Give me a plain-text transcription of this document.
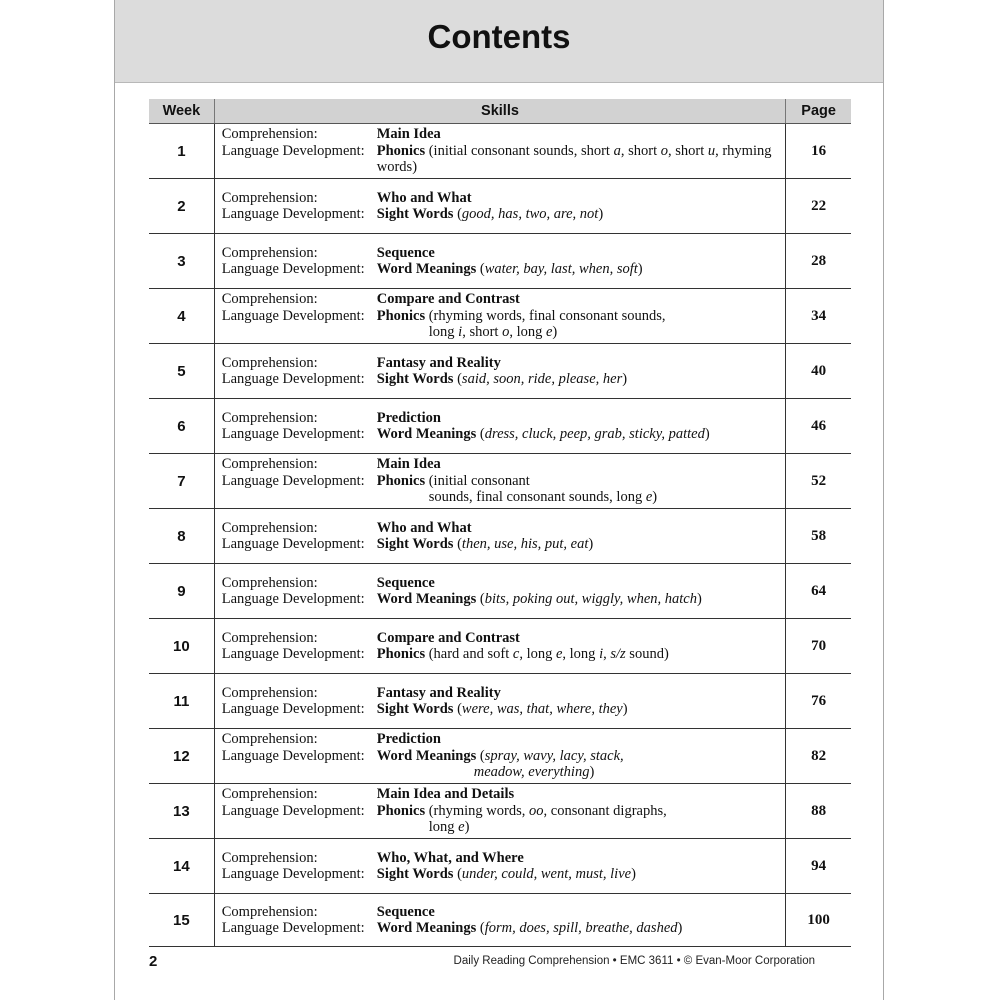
Contents
Week	Skills	Page
1	Comprehension: Main Idea
Language Development: Phonics (initial consonant sounds, short a, short o, short u, rhyming words)	16
2	Comprehension: Who and What
Language Development: Sight Words (good, has, two, are, not)	22
3	Comprehension: Sequence
Language Development: Word Meanings (water, bay, last, when, soft)	28
4	Comprehension: Compare and Contrast
Language Development: Phonics (rhyming words, final consonant sounds,
long i, short o, long e)	34
5	Comprehension: Fantasy and Reality
Language Development: Sight Words (said, soon, ride, please, her)	40
6	Comprehension: Prediction
Language Development: Word Meanings (dress, cluck, peep, grab, sticky, patted)	46
7	Comprehension: Main Idea
Language Development: Phonics (initial consonant
sounds, final consonant sounds, long e)	52
8	Comprehension: Who and What
Language Development: Sight Words (then, use, his, put, eat)	58
9	Comprehension: Sequence
Language Development: Word Meanings (bits, poking out, wiggly, when, hatch)	64
10	Comprehension: Compare and Contrast
Language Development: Phonics (hard and soft c, long e, long i, s/z sound)	70
11	Comprehension: Fantasy and Reality
Language Development: Sight Words (were, was, that, where, they)	76
12	Comprehension: Prediction
Language Development: Word Meanings (spray, wavy, lacy, stack,
meadow, everything)	82
13	Comprehension: Main Idea and Details
Language Development: Phonics (rhyming words, oo, consonant digraphs,
long e)	88
14	Comprehension: Who, What, and Where
Language Development: Sight Words (under, could, went, must, live)	94
15	Comprehension: Sequence
Language Development: Word Meanings (form, does, spill, breathe, dashed)	100
2	Daily Reading Comprehension • EMC 3611 • © Evan-Moor Corporation
